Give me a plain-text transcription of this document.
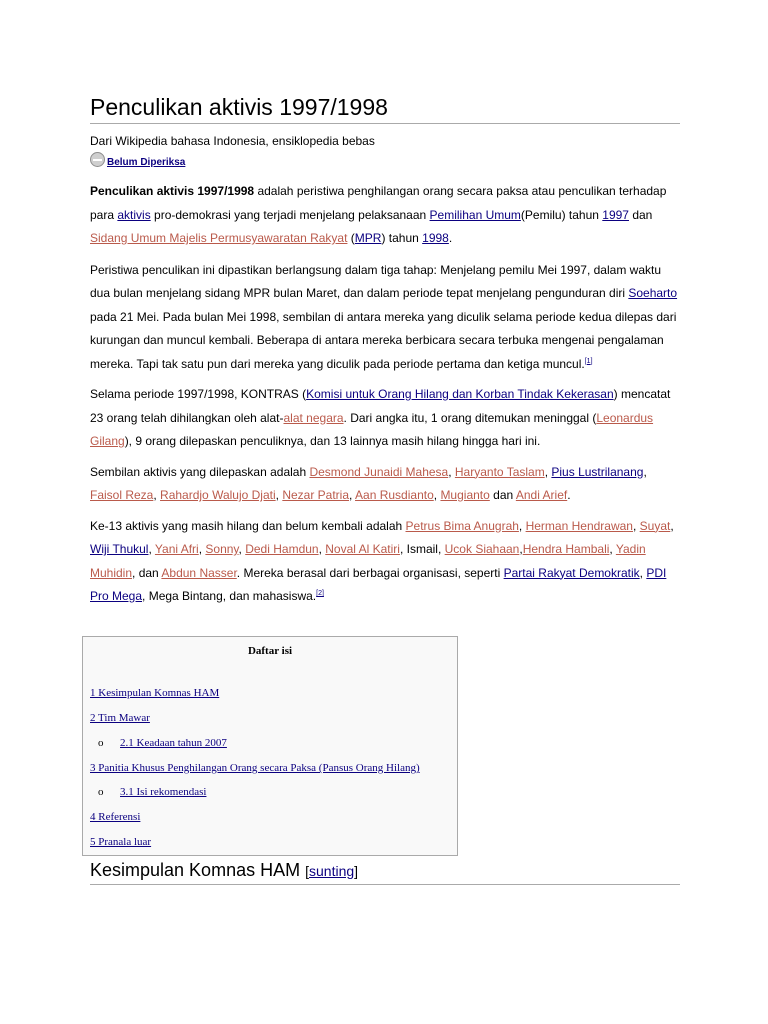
Penculikan aktivis 1997/1998
Dari Wikipedia bahasa Indonesia, ensiklopedia bebas
Belum Diperiksa

Penculikan aktivis 1997/1998 adalah peristiwa penghilangan orang secara paksa atau penculikan terhadap para aktivis pro-demokrasi yang terjadi menjelang pelaksanaan Pemilihan Umum(Pemilu) tahun 1997 dan Sidang Umum Majelis Permusyawaratan Rakyat (MPR) tahun 1998.

Peristiwa penculikan ini dipastikan berlangsung dalam tiga tahap: Menjelang pemilu Mei 1997, dalam waktu dua bulan menjelang sidang MPR bulan Maret, dan dalam periode tepat menjelang pengunduran diri Soeharto pada 21 Mei. Pada bulan Mei 1998, sembilan di antara mereka yang diculik selama periode kedua dilepas dari kurungan dan muncul kembali. Beberapa di antara mereka berbicara secara terbuka mengenai pengalaman mereka. Tapi tak satu pun dari mereka yang diculik pada periode pertama dan ketiga muncul.[1]

Selama periode 1997/1998, KONTRAS (Komisi untuk Orang Hilang dan Korban Tindak Kekerasan) mencatat 23 orang telah dihilangkan oleh alat-alat negara. Dari angka itu, 1 orang ditemukan meninggal (Leonardus Gilang), 9 orang dilepaskan penculiknya, dan 13 lainnya masih hilang hingga hari ini.

Sembilan aktivis yang dilepaskan adalah Desmond Junaidi Mahesa, Haryanto Taslam, Pius Lustrilanang, Faisol Reza, Rahardjo Walujo Djati, Nezar Patria, Aan Rusdianto, Mugianto dan Andi Arief.

Ke-13 aktivis yang masih hilang dan belum kembali adalah Petrus Bima Anugrah, Herman Hendrawan, Suyat, Wiji Thukul, Yani Afri, Sonny, Dedi Hamdun, Noval Al Katiri, Ismail, Ucok Siahaan,Hendra Hambali, Yadin Muhidin, dan Abdun Nasser. Mereka berasal dari berbagai organisasi, seperti Partai Rakyat Demokratik, PDI Pro Mega, Mega Bintang, dan mahasiswa.[2]

Daftar isi
1 Kesimpulan Komnas HAM
2 Tim Mawar
o 2.1 Keadaan tahun 2007
3 Panitia Khusus Penghilangan Orang secara Paksa (Pansus Orang Hilang)
o 3.1 Isi rekomendasi
4 Referensi
5 Pranala luar
Kesimpulan Komnas HAM [sunting]
